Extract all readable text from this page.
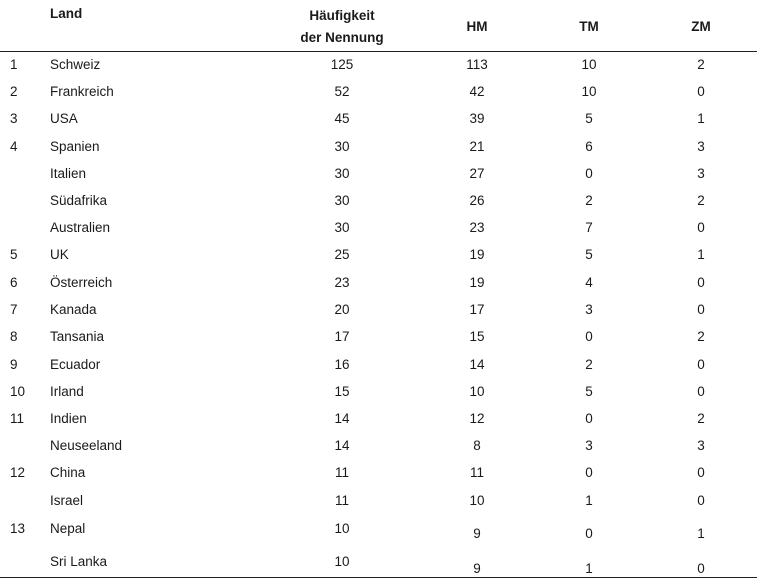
Land	Häufigkeit
der Nennung
HM	TM	ZM
1 Schweiz	125	113	10	2
2 Frankreich	52	42	10	0
3 USA	45	39	5	1
4 Spanien	30	21	6	3
Italien	30	27	0	3
Südafrika	30	26	2	2
Australien	30	23	7	0
5 UK	25	19	5	1
6 Österreich	23	19	4	0
7 Kanada	20	17	3	0
8 Tansania	17	15	0	2
9 Ecuador	16	14	2	0
10 Irland	15	10	5	0
11 Indien	14	12	0	2
Neuseeland	14	8	3	3
12 China	11	11	0	0
Israel	11	10	1	0
13 Nepal	10	9	0	1
Sri Lanka	10	9	1	0
